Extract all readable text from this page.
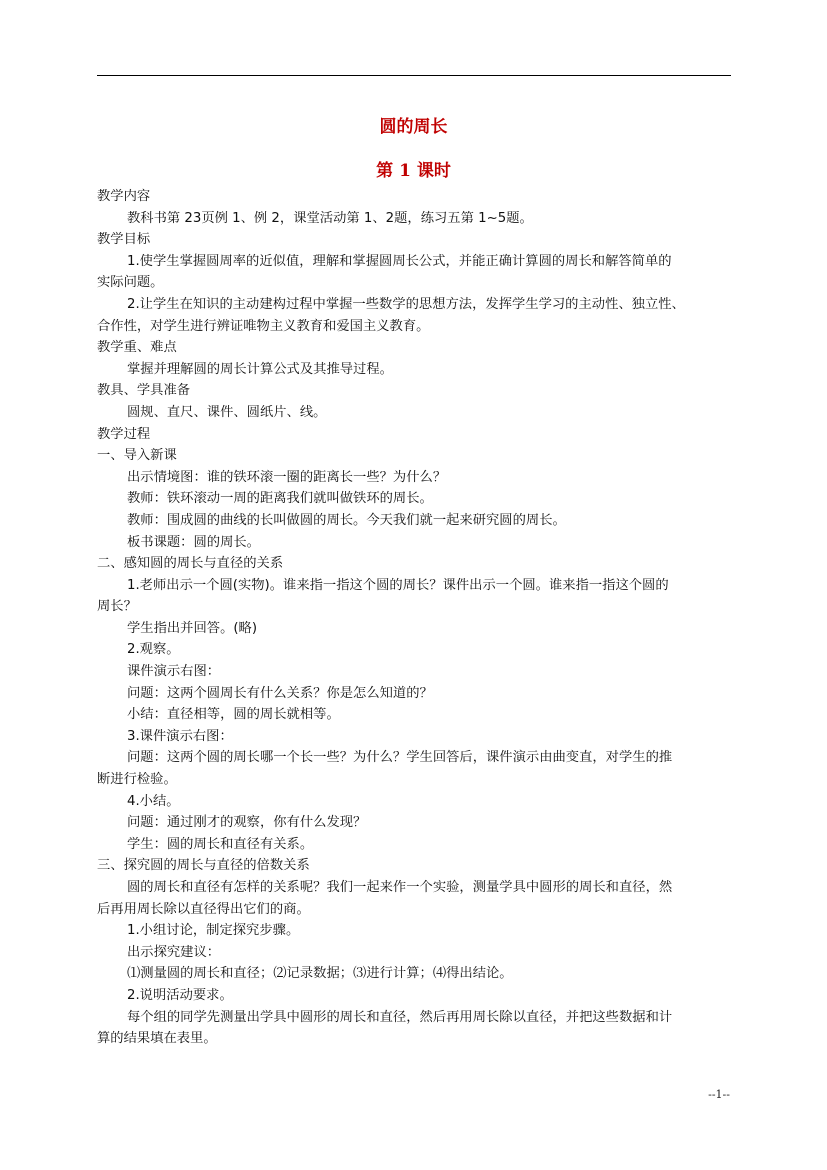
圆的周长
第 1 课时
教学内容
教科书第 23页例 1、例 2，课堂活动第 1、2题，练习五第 1~5题。
教学目标
1.使学生掌握圆周率的近似值，理解和掌握圆周长公式，并能正确计算圆的周长和解答简单的
实际问题。
2.让学生在知识的主动建构过程中掌握一些数学的思想方法，发挥学生学习的主动性、独立性、
合作性，对学生进行辨证唯物主义教育和爱国主义教育。
教学重、难点
掌握并理解圆的周长计算公式及其推导过程。
教具、学具准备
圆规、直尺、课件、圆纸片、线。
教学过程
一、导入新课
出示情境图：谁的铁环滚一圈的距离长一些？为什么？
教师：铁环滚动一周的距离我们就叫做铁环的周长。
教师：围成圆的曲线的长叫做圆的周长。今天我们就一起来研究圆的周长。
板书课题：圆的周长。
二、感知圆的周长与直径的关系
1.老师出示一个圆(实物)。谁来指一指这个圆的周长？课件出示一个圆。谁来指一指这个圆的
周长？
学生指出并回答。(略)
2.观察。
课件演示右图：
问题：这两个圆周长有什么关系？你是怎么知道的？
小结：直径相等，圆的周长就相等。
3.课件演示右图：
问题：这两个圆的周长哪一个长一些？为什么？学生回答后，课件演示由曲变直，对学生的推
断进行检验。
4.小结。
问题：通过刚才的观察，你有什么发现？
学生：圆的周长和直径有关系。
三、探究圆的周长与直径的倍数关系
圆的周长和直径有怎样的关系呢？我们一起来作一个实验，测量学具中圆形的周长和直径，然
后再用周长除以直径得出它们的商。
1.小组讨论，制定探究步骤。
出示探究建议：
⑴测量圆的周长和直径；⑵记录数据；⑶进行计算；⑷得出结论。
2.说明活动要求。
每个组的同学先测量出学具中圆形的周长和直径，然后再用周长除以直径，并把这些数据和计
算的结果填在表里。
--1--
